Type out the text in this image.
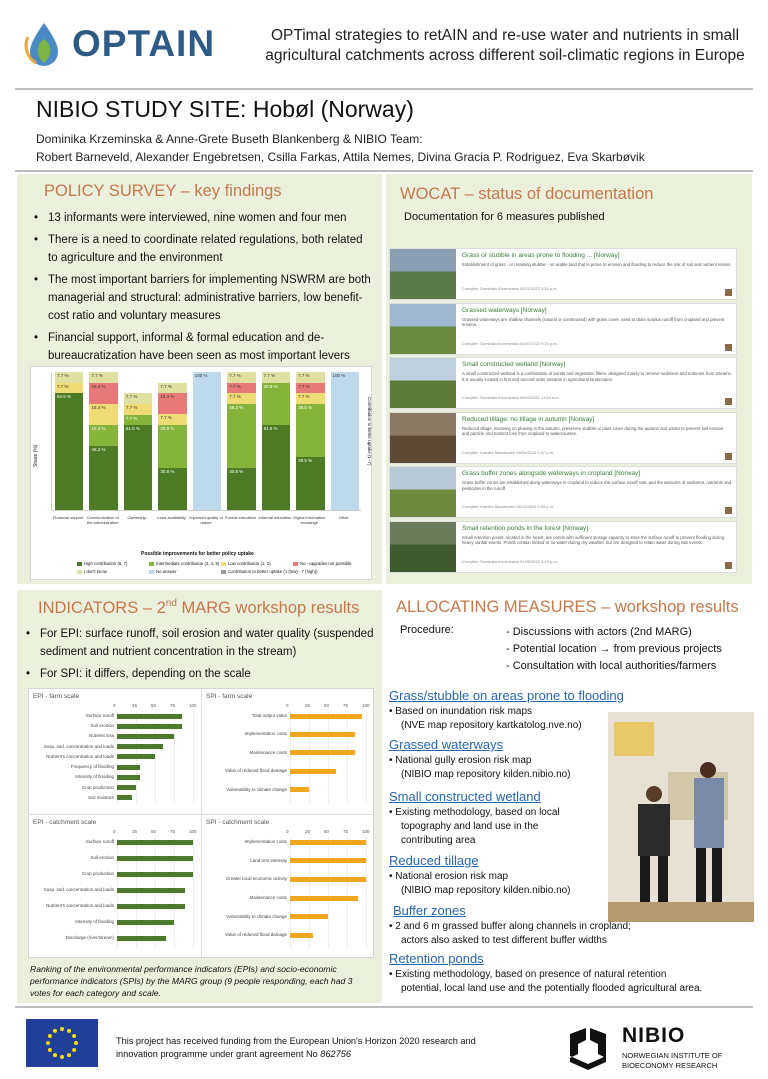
OPTAIN	OPTimal strategies to retAIN and re-use water and nutrients in small
agricultural catchments across different soil-climatic regions in Europe
NIBIO STUDY SITE: Hobøl (Norway)
Dominika Krzeminska & Anne-Grete Buseth Blankenberg & NIBIO Team:
Robert Barneveld, Alexander Engebretsen, Csilla Farkas, Attila Nemes, Divina Gracia P. Rodriguez, Eva Skarbøvik
POLICY SURVEY – key findings
• 13 informants were interviewed, nine women and four men
• There is a need to coordinate related regulations, both related to agriculture and the environment
• The most important barriers for implementing NSWRM are both managerial and structural: administrative barriers, low benefit-cost ratio and voluntary measures
• Financial support, informal & formal education and de-bureaucratization have been seen as most important levers
Share (%)	Contribution to better uptake (1–7)
84.6 %
7.7 %
7.7 %
46.2 %
15.4 %
15.4 %
15.4 %
7.7 %
61.5 %
7.7 %
7.7 %
7.7 %
30.8 %
30.8 %
7.7 %
15.4 %
7.7 %
100 %
30.8 %
46.2 %
7.7 %
7.7 %
7.7 %
61.5 %
30.8 %
7.7 %
38.5 %
38.5 %
7.7 %
7.7 %
7.7 %	100 %
Financial support Communication of the administration
Ownership	Land availability Improved quality of nature
Formal education Informal education Digital information exchange
Other
Possible improvements for better policy uptake
High contribution (6, 7)	Intermediate contribution (3, 4, 5) Low contribution (1, 2)	No - upgrades not possible
I don't know	No answer	Contribution to better uptake (1 (low) - 7 (high))
WOCAT – status of documentation
Documentation for 6 measures published
Grass or stubble in areas prone to flooding ... [Norway]
Establishment of grass - or retaining stubble - on arable land that is prone to erosion and flooding to reduce the risk of soil and nutrient losses.
Compiler: Dominika Krzeminska 02/11/2022 3:28 p.m.
Grassed waterways [Norway]
Grassed waterways are shallow channels (natural or constructed) with grass cover, used to drain surplus runoff from cropland and prevent erosion.
Compiler: Dominika Krzeminska 02/07/2022 9:21 p.m.
Small constructed wetland [Norway]
A small constructed wetland is a combination of ponds and vegetation filters, designed mainly to remove sediment and nutrients from streams. It is usually located in first and second order streams in agricultural landscapes.
Compiler: Dominika Krzeminska 06/02/2021 11:54 a.m.
Reduced tillage: no tillage in autumn [Norway]
Reduced tillage, involving no plowing in the autumn, preserves stubble or plant cover during the autumn and winter to prevent soil erosion, and particle and nutrient loss from cropland to watercourses.
Compiler: Kamilla Skaalsveen 08/04/2014 1:07 p.m.
Grass buffer zones alongside waterways in cropland [Norway]
Grass buffer zones are established along waterways in cropland to reduce the surface runoff rate, and the amounts of sediment, nutrients and pesticides in the runoff.
Compiler: Kamilla Skaalsveen 06/13/2014 2:53 p.m.
Small retention ponds in the forest [Norway]
Small retention ponds, located in the forest, are ponds with sufficient storage capacity to store the surface runoff to prevent flooding during heavy rainfall events. Ponds contain limited or no water during dry weather, but are designed to retain water during rain events.
Compiler: Dominika Krzeminska 01/05/2022 3:10 p.m.
INDICATORS – 2nd MARG workshop results
• For EPI: surface runoff, soil erosion and water quality (suspended sediment and nutrient concentration in the stream)
• For SPI: it differs, depending on the scale
EPI - farm scale
0	25	50	75	100
Surface runoff
Soil erosion
Nutrient loss
Susp. sed. concentration and loads
Nutrient's concentration and loads
Frequency of flooding
Intensity of flooding
Crop production
Soil moisture
SPI - farm scale
0	25	50	75	100
Total output value
Implementation costs
Maintenance costs
Value of reduced flood damage
Vulnerability to climate change
EPI - catchment scale
0	25	50	75	100
Surface runoff
Soil erosion
Crop production
Susp. sed. concentration and loads
Nutrient's concentration and loads
Intensity of flooding
Discharge (river/stream)
SPI - catchment scale
0	25	50	75	100
Implementation costs
Land rent intensity
Greater local economic activity
Maintenance costs
Vulnerability to climate change
Value of reduced flood damage
Ranking of the environmental performance indicators (EPIs) and socio-economic performance indicators (SPIs) by the MARG group (9 people responding, each had 3 votes for each category and scale.
ALLOCATING MEASURES – workshop results
Procedure:	- Discussions with actors (2nd MARG)
- Potential location → from previous projects
- Consultation with local authorities/farmers
Grass/stubble on areas prone to flooding
• Based on inundation risk maps
(NVE map repository kartkatolog.nve.no)
Grassed waterways
• National gully erosion risk map
(NIBIO map repository kilden.nibio.no)
Small constructed wetland
• Existing methodology, based on local
topography and land use in the
contributing area
Reduced tillage
• National erosion risk map
(NIBIO map repository kilden.nibio.no)
Buffer zones
• 2 and 6 m grassed buffer along channels in cropland;
actors also asked to test different buffer widths
Retention ponds
• Existing methodology, based on presence of natural retention
potential, local land use and the potentially flooded agricultural area.
This project has received funding from the European Union's Horizon 2020 research and
innovation programme under grant agreement No 862756
NIBIO
NORWEGIAN INSTITUTE OF
BIOECONOMY RESEARCH
